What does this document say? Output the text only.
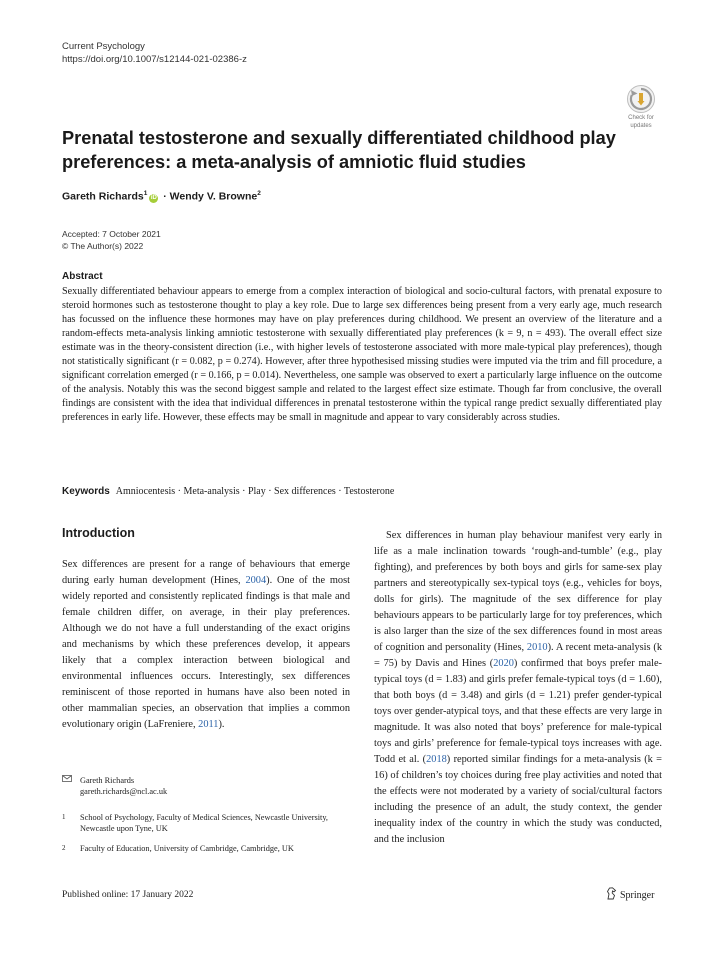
Current Psychology
https://doi.org/10.1007/s12144-021-02386-z
Check for
updates
Prenatal testosterone and sexually differentiated childhood play preferences: a meta-analysis of amniotic fluid studies
Gareth Richards$^1$iD · Wendy V. Browne$^2$
Accepted: 7 October 2021
© The Author(s) 2022
Abstract

Sexually differentiated behaviour appears to emerge from a complex interaction of biological and socio-cultural factors, with prenatal exposure to steroid hormones such as testosterone thought to play a key role. Due to large sex differences being present from a very early age, much research has focussed on the influence these hormones may have on play preferences during childhood. We present an overview of the literature and a random-effects meta-analysis linking amniotic testosterone with sexually differentiated play preferences (k = 9, n = 493). The overall effect size estimate was in the theory-consistent direction (i.e., with higher levels of testosterone associated with more male-typical play preferences), though not statistically significant (r = 0.082, p = 0.274). However, after three hypothesised missing studies were imputed via the trim and fill procedure, a significant correlation emerged (r = 0.166, p = 0.014). Nevertheless, one sample was observed to exert a particularly large influence on the outcome of the analysis. Notably this was the second biggest sample and related to the largest effect size estimate. Though far from conclusive, the overall findings are consistent with the idea that individual differences in prenatal testosterone within the typical range predict sexually differentiated play preferences in early life. However, these effects may be small in magnitude and appear to vary considerably across studies.

Keywords Amniocentesis · Meta-analysis · Play · Sex differences · Testosterone
Introduction

Sex differences are present for a range of behaviours that emerge during early human development (Hines, 2004). One of the most widely reported and consistently replicated findings is that male and female children differ, on average, in their play preferences. Although we do not have a full understanding of the exact origins and mechanisms by which these preferences develop, it appears likely that a complex interaction between biological and environmental influences occurs. Interestingly, sex differences reminiscent of those reported in humans have also been noted in other mammalian species, an observation that implies a common evolutionary origin (LaFreniere, 2011).

Sex differences in human play behaviour manifest very early in life as a male inclination towards ‘rough-and-tumble’ (e.g., play fighting), and preferences by both boys and girls for same-sex play partners and stereotypically sex-typical toys (e.g., vehicles for boys, dolls for girls). The magnitude of the sex difference for play behaviours appears to be particularly large for toy preferences, which is also larger than the size of the sex differences found in most areas of cognition and personality (Hines, 2010). A recent meta-analysis (k = 75) by Davis and Hines (2020) confirmed that boys prefer male-typical toys (d = 1.83) and girls prefer female-typical toys (d = 1.60), that both boys (d = 3.48) and girls (d = 1.21) prefer gender-typical toys over gender-atypical toys, and that these effects are very large in magnitude. It was also noted that boys’ preference for male-typical toys and girls’ preference for female-typical toys increases with age. Todd et al. (2018) reported similar findings for a meta-analysis (k = 16) of children’s toy choices during free play activities and noted that the effects were not moderated by a variety of social/cultural factors including the presence of an adult, the study context, the gender inequality index of the country in which the study was conducted, and the inclusion

Gareth Richards
gareth.richards@ncl.ac.uk
1	School of Psychology, Faculty of Medical Sciences, Newcastle University, Newcastle upon Tyne, UK
2	Faculty of Education, University of Cambridge, Cambridge, UK
Published online: 17 January 2022	Springer
